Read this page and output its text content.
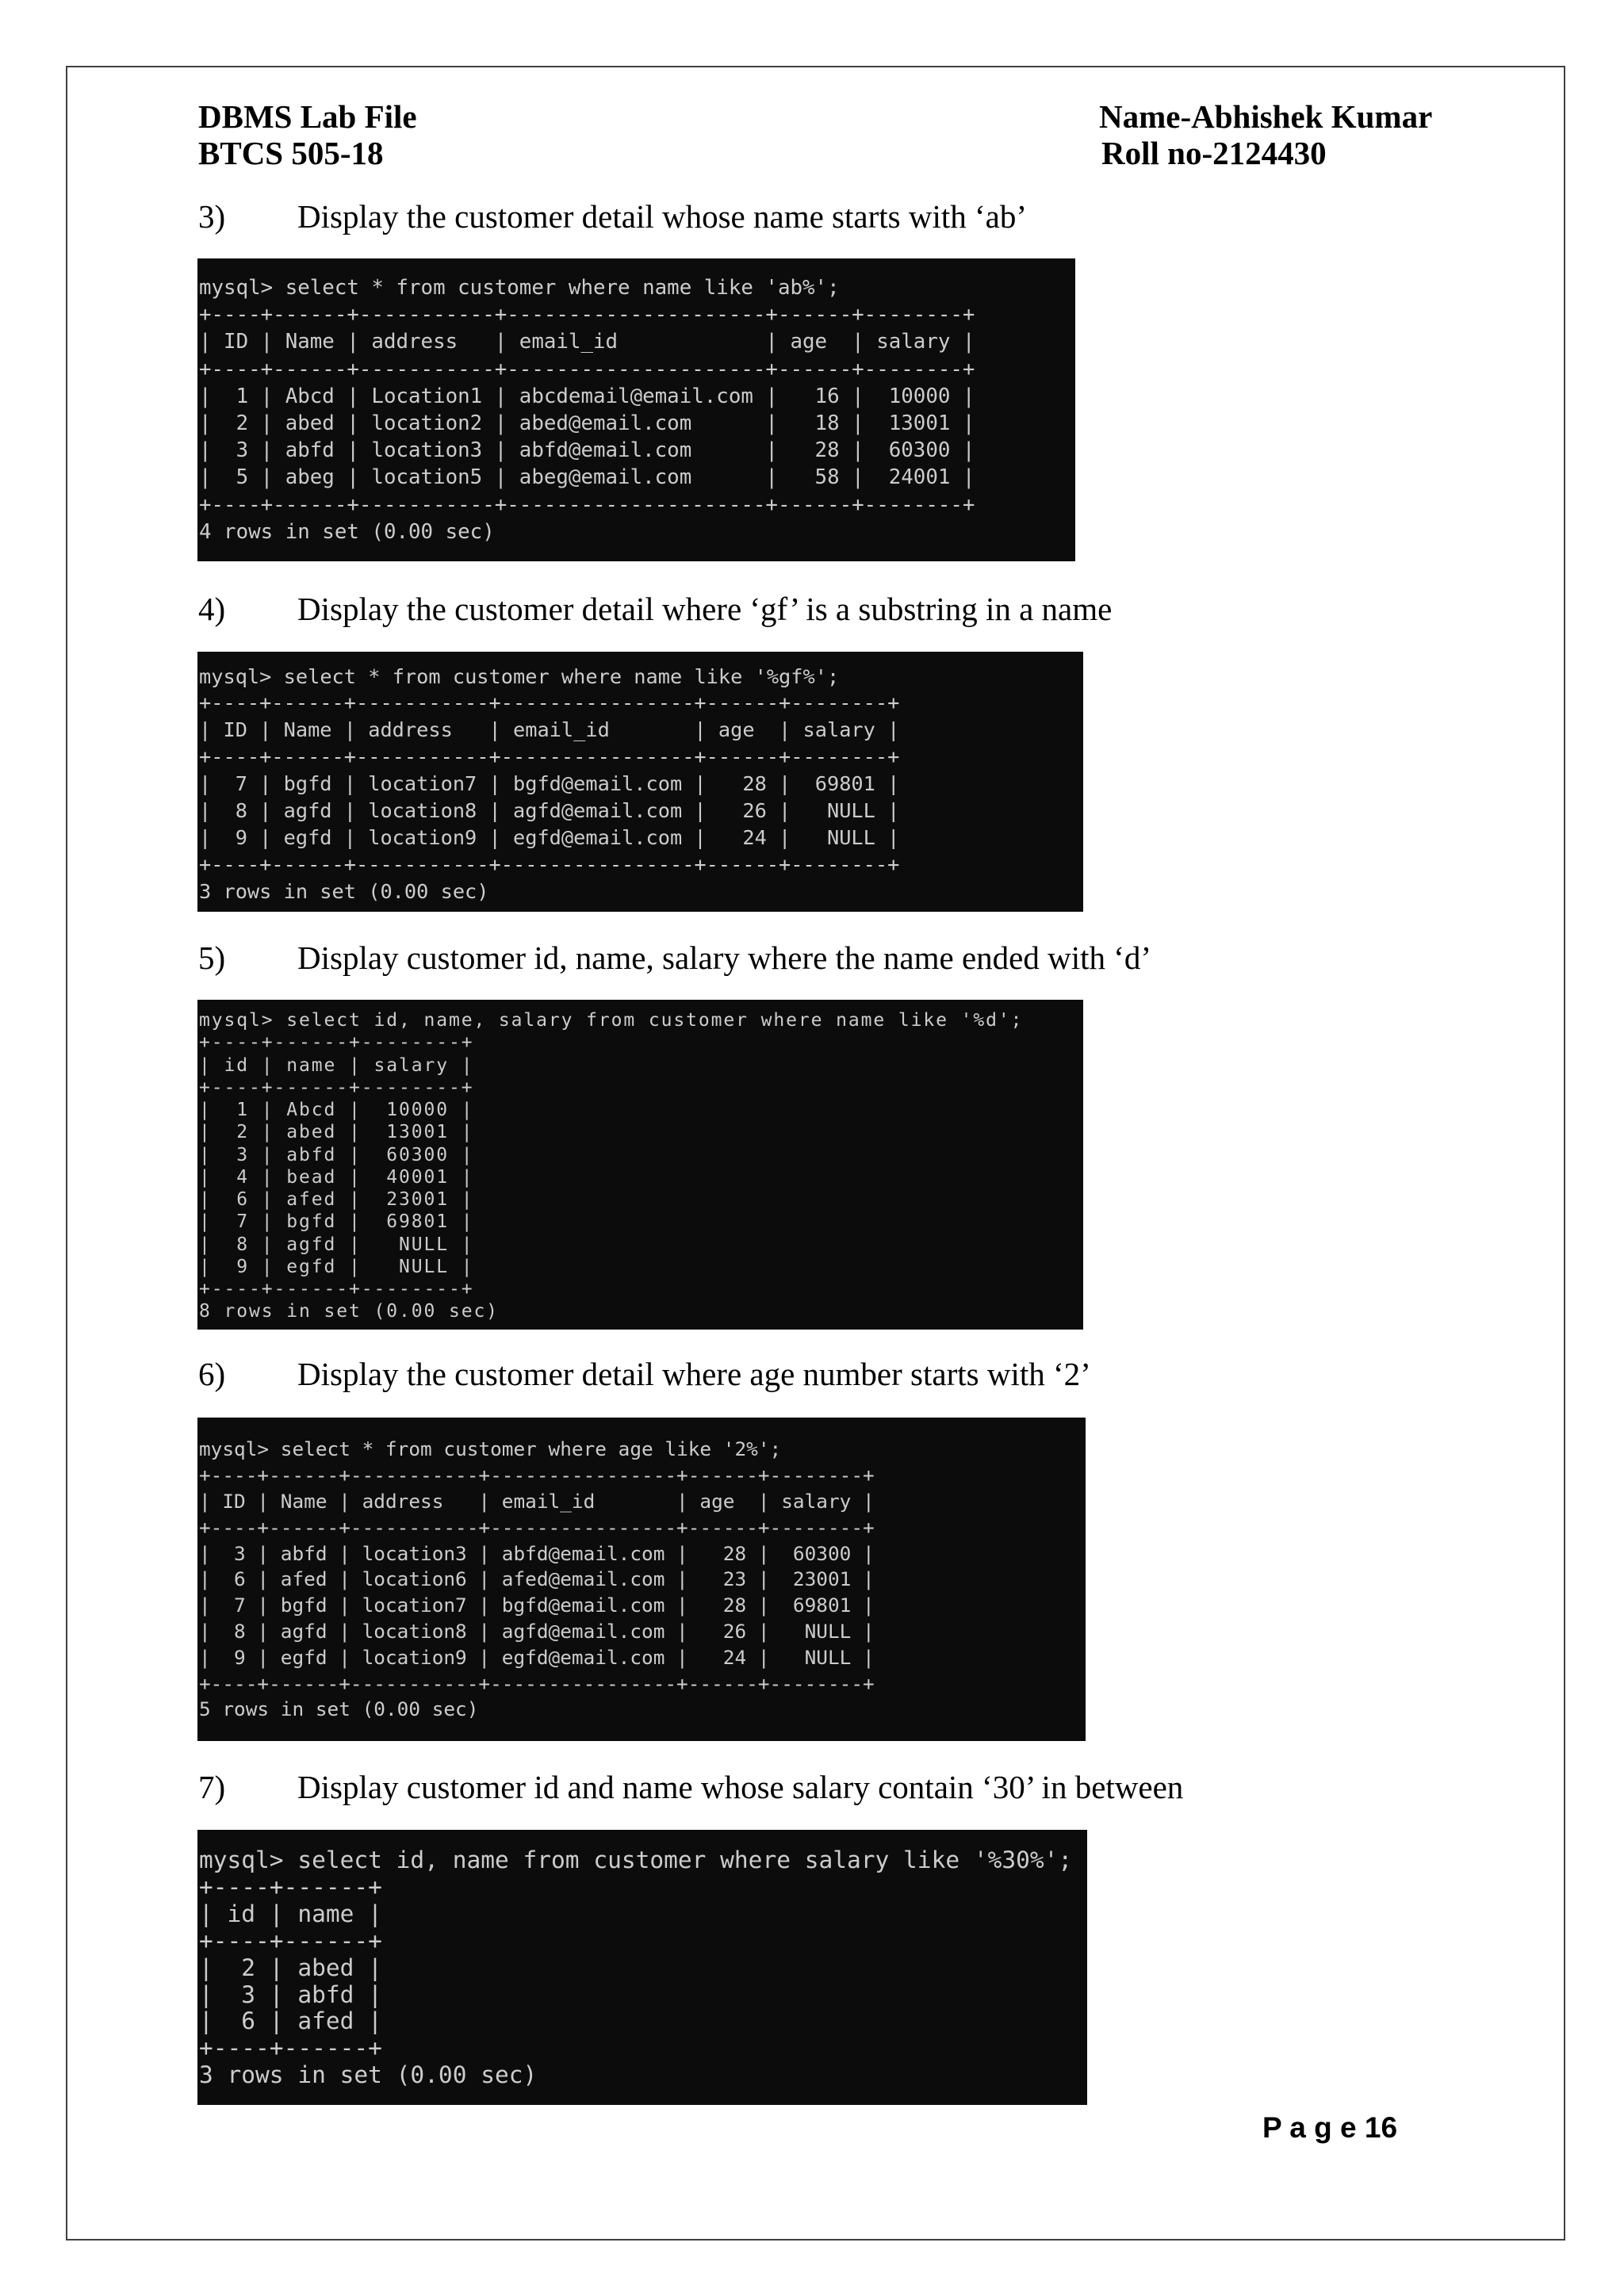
DBMS Lab File
BTCS 505-18
Name-Abhishek Kumar
Roll no-2124430
3) Display the customer detail whose name starts with ‘ab’
mysql> select * from customer where name like 'ab%';
+----+------+-----------+---------------------+------+--------+
| ID | Name | address   | email_id            | age  | salary |
+----+------+-----------+---------------------+------+--------+
|  1 | Abcd | Location1 | abcdemail@email.com |   16 |  10000 |
|  2 | abed | location2 | abed@email.com      |   18 |  13001 |
|  3 | abfd | location3 | abfd@email.com      |   28 |  60300 |
|  5 | abeg | location5 | abeg@email.com      |   58 |  24001 |
+----+------+-----------+---------------------+------+--------+
4 rows in set (0.00 sec)
4) Display the customer detail where ‘gf’ is a substring in a name
mysql> select * from customer where name like '%gf%';
+----+------+-----------+----------------+------+--------+
| ID | Name | address   | email_id       | age  | salary |
+----+------+-----------+----------------+------+--------+
|  7 | bgfd | location7 | bgfd@email.com |   28 |  69801 |
|  8 | agfd | location8 | agfd@email.com |   26 |   NULL |
|  9 | egfd | location9 | egfd@email.com |   24 |   NULL |
+----+------+-----------+----------------+------+--------+
3 rows in set (0.00 sec)
5) Display customer id, name, salary where the name ended with ‘d’
mysql> select id, name, salary from customer where name like '%d';
+----+------+--------+
| id | name | salary |
+----+------+--------+
|  1 | Abcd |  10000 |
|  2 | abed |  13001 |
|  3 | abfd |  60300 |
|  4 | bead |  40001 |
|  6 | afed |  23001 |
|  7 | bgfd |  69801 |
|  8 | agfd |   NULL |
|  9 | egfd |   NULL |
+----+------+--------+
8 rows in set (0.00 sec)
6) Display the customer detail where age number starts with ‘2’
mysql> select * from customer where age like '2%';
+----+------+-----------+----------------+------+--------+
| ID | Name | address   | email_id       | age  | salary |
+----+------+-----------+----------------+------+--------+
|  3 | abfd | location3 | abfd@email.com |   28 |  60300 |
|  6 | afed | location6 | afed@email.com |   23 |  23001 |
|  7 | bgfd | location7 | bgfd@email.com |   28 |  69801 |
|  8 | agfd | location8 | agfd@email.com |   26 |   NULL |
|  9 | egfd | location9 | egfd@email.com |   24 |   NULL |
+----+------+-----------+----------------+------+--------+
5 rows in set (0.00 sec)
7) Display customer id and name whose salary contain ‘30’ in between
mysql> select id, name from customer where salary like '%30%';
+----+------+
| id | name |
+----+------+
|  2 | abed |
|  3 | abfd |
|  6 | afed |
+----+------+
3 rows in set (0.00 sec)
P a g e 16
